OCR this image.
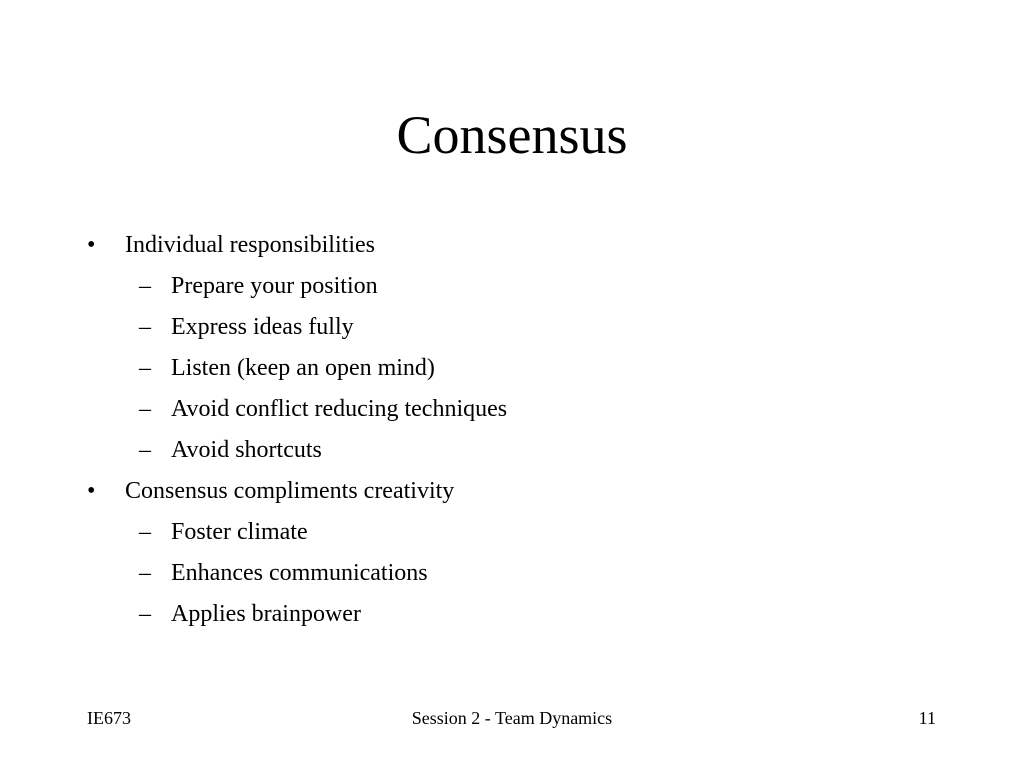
Consensus
• Individual responsibilities
– Prepare your position
– Express ideas fully
– Listen (keep an open mind)
– Avoid conflict reducing techniques
– Avoid shortcuts
• Consensus compliments creativity
– Foster climate
– Enhances communications
– Applies brainpower
IE673	Session 2 - Team Dynamics	11
